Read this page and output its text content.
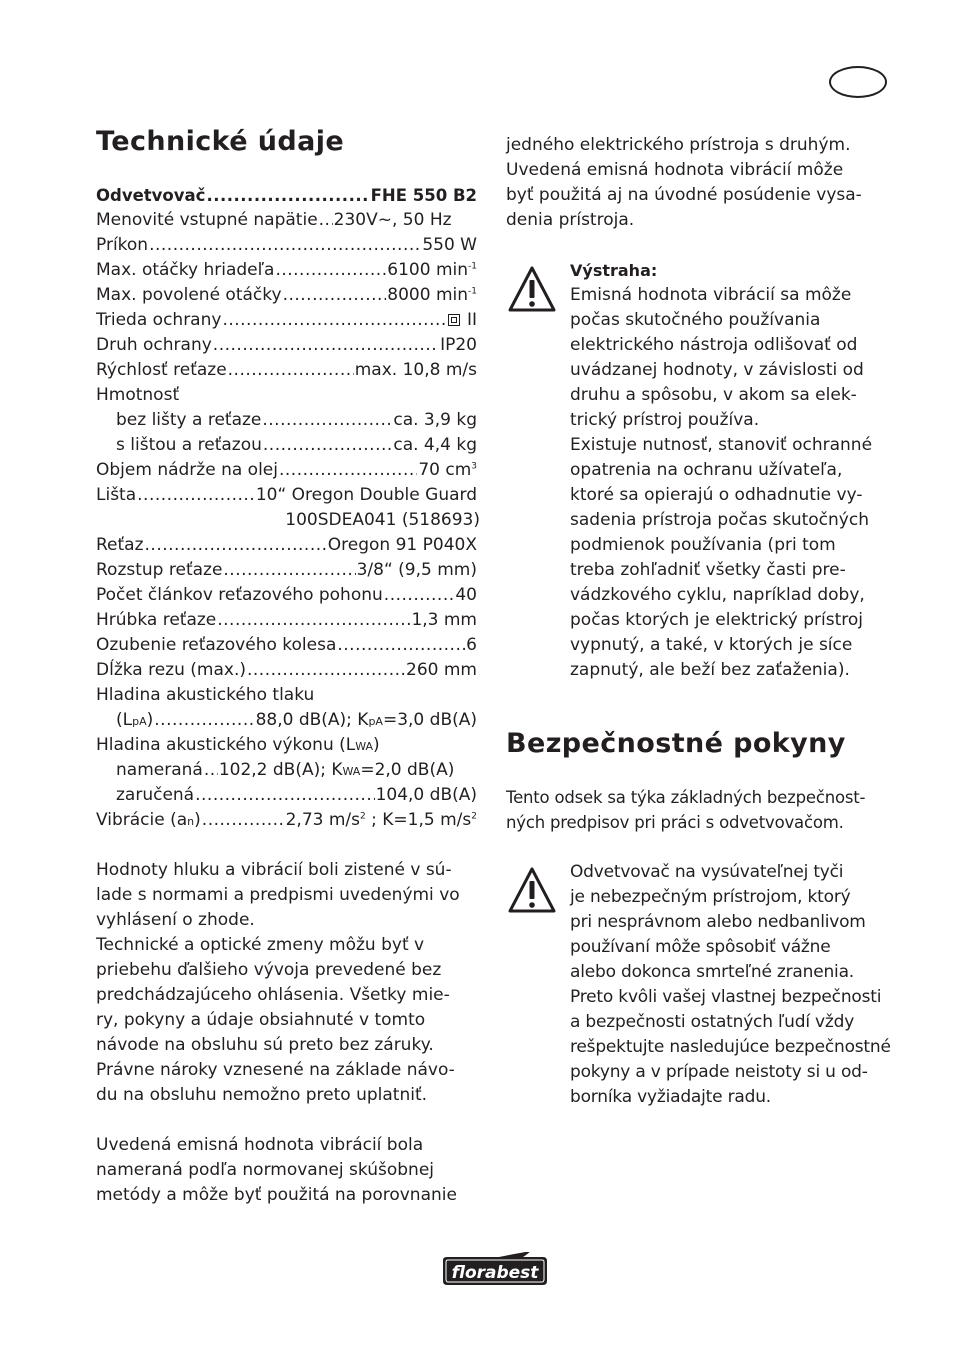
Technické údaje
Odvetvovač .....	FHE 550 B2
Menovité vstupné napätie ..... 230V~, 50 Hz
Príkon .....	550 W
Max. otáčky hriadeľa .....	6100 $\min^{-1}$
Max. povolené otáčky .....	8000 $\min^{-1}$
Trieda ochrany .....	II
Druh ochrany .....	IP20
Rýchlosť reťaze .....	max. 10,8 m/s
Hmotnosť
bez lišty a reťaze .....	ca. 3,9 kg
s lištou a reťazou .....	ca. 4,4 kg
Objem nádrže na olej .....	70 $cm^3$
Lišta .....	10“ Oregon Double Guard
100SDEA041 (518693)
Reťaz .....	Oregon 91 P040X
Rozstup reťaze .....	3/8“ (9,5 mm)
Počet článkov reťazového pohonu .....	40
Hrúbka reťaze .....	1,3 mm
Ozubenie reťazového kolesa .....	6
Dĺžka rezu (max.) .....	260 mm
Hladina akustického tlaku
(LpA) .....	88,0 dB(A); KpA=3,0 dB(A)
Hladina akustického výkonu (LWA)
nameraná ..... 102,2 dB(A); KWA=2,0 dB(A)
zaručená .....	104,0 dB(A)
Vibrácie (an) .....	2,73 $m/s^2$ ; K=1,5 $m/s^2$

Hodnoty hluku a vibrácií boli zistené v sú-
lade s normami a predpismi uvedenými vo
vyhlásení o zhode.

Technické a optické zmeny môžu byť v
priebehu ďalšieho vývoja prevedené bez
predchádzajúceho ohlásenia. Všetky mie-
ry, pokyny a údaje obsiahnuté v tomto
návode na obsluhu sú preto bez záruky.
Právne nároky vznesené na základe návo-
du na obsluhu nemožno preto uplatniť.

Uvedená emisná hodnota vibrácií bola
nameraná podľa normovanej skúšobnej
metódy a môže byť použitá na porovnanie

jedného elektrického prístroja s druhým.
Uvedená emisná hodnota vibrácií môže
byť použitá aj na úvodné posúdenie vysa-
denia prístroja.

Výstraha:
Emisná hodnota vibrácií sa môže
počas skutočného používania
elektrického nástroja odlišovať od
uvádzanej hodnoty, v závislosti od
druhu a spôsobu, v akom sa elek-
trický prístroj používa.
Existuje nutnosť, stanoviť ochranné
opatrenia na ochranu užívateľa,
ktoré sa opierajú o odhadnutie vy-
sadenia prístroja počas skutočných
podmienok používania (pri tom
treba zohľadniť všetky časti pre-
vádzkového cyklu, napríklad doby,
počas ktorých je elektrický prístroj
vypnutý, a také, v ktorých je síce
zapnutý, ale beží bez zaťaženia).
Bezpečnostné pokyny

Tento odsek sa týka základných bezpečnost-
ných predpisov pri práci s odvetvovačom.

Odvetvovač na vysúvateľnej tyči
je nebezpečným prístrojom, ktorý
pri nesprávnom alebo nedbanlivom
používaní môže spôsobiť vážne
alebo dokonca smrteľné zranenia.
Preto kvôli vašej vlastnej bezpečnosti
a bezpečnosti ostatných ľudí vždy
rešpektujte nasledujúce bezpečnostné
pokyny a v prípade neistoty si u od-
borníka vyžiadajte radu.
florabest
